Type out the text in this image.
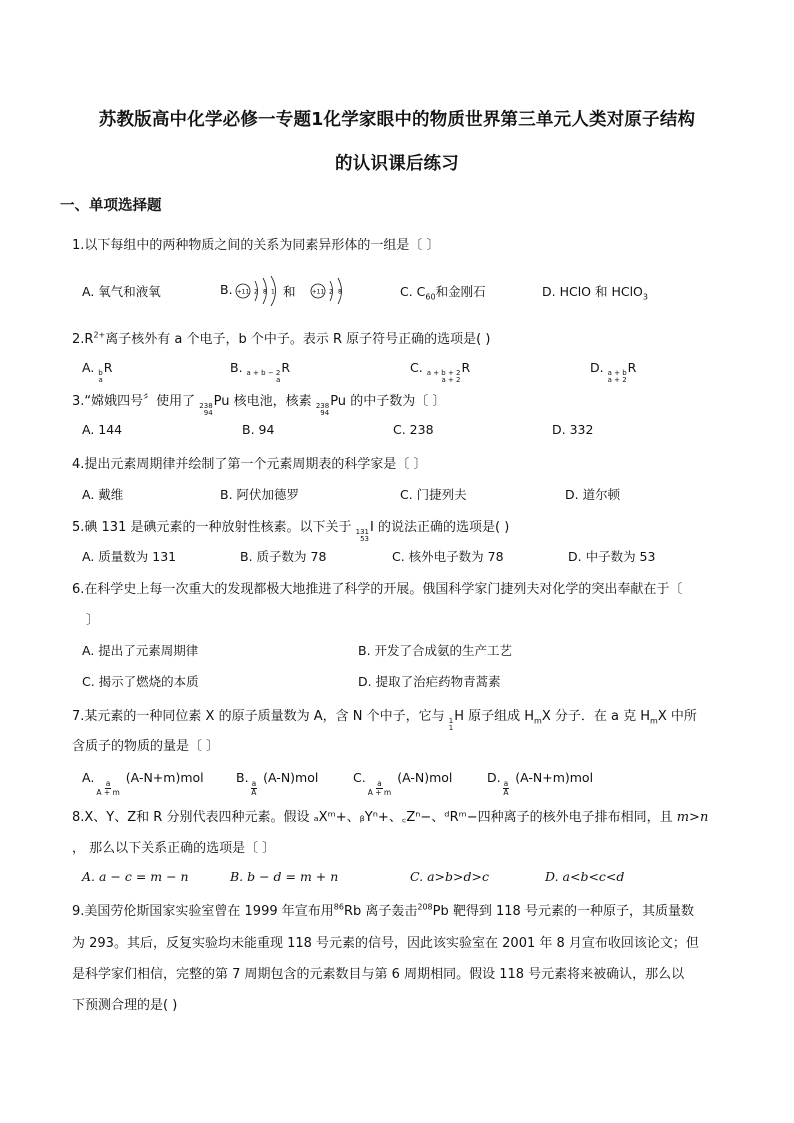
苏教版高中化学必修一专题1化学家眼中的物质世界第三单元人类对原子结构
的认识课后练习
一、单项选择题
1.以下每组中的两种物质之间的关系为同素异形体的一组是〔 〕
A. 氧气和液氧	B. +11 2 8 1 和	+11 2 8	C. $C_{60}$和金刚石	D. HClO 和 HClO$_3$
$2.R^{2+}$离子核外有 a 个电子，b 个中子。表示 R 原子符号正确的选项是( )
A. b
a
R	B. a + b − 2
a
R	C. a + b + 2
a + 2
R	D. a + b
a + 2
R
3.“嫦娥四号〞使用了 238
94
Pu 核电池，核素 238
94
Pu 的中子数为〔 〕
A. 144	B. 94	C. 238	D. 332
4.提出元素周期律并绘制了第一个元素周期表的科学家是〔 〕
A. 戴维	B. 阿伏加德罗	C. 门捷列夫	D. 道尔顿
5.碘 131 是碘元素的一种放射性核素。以下关于 131
53
I 的说法正确的选项是( )
A. 质量数为 131	B. 质子数为 78	C. 核外电子数为 78	D. 中子数为 53
6.在科学史上每一次重大的发现都极大地推进了科学的开展。俄国科学家门捷列夫对化学的突出奉献在于〔
〕
A. 提出了元素周期律	B. 开发了合成氨的生产工艺
C. 揭示了燃烧的本质	D. 提取了治疟药物青蒿素
7.某元素的一种同位素 X 的原子质量数为 A，含 N 个中子，它与 1
1
H 原子组成 $H_mX$ 分子．在 a 克 $H_mX$ 中所
含质子的物质的量是〔 〕
A.
$\frac{a}{A + m}$
(A-N+m)mol	B.
$\frac{a}{A}$
(A-N)mol	C.
$\frac{a}{A + m}$
(A-N)mol	D.
$\frac{a}{A}$
(A-N+m)mol
8.X、Y、Z和 R 分别代表四种元素。假设 ₐXᵐ+、ᵦYⁿ+、꜀Zⁿ−、ᵈRᵐ−四种离子的核外电子排布相同，且 m>n
， 那么以下关系正确的选项是〔 〕
A. a − c = m − n	B. b − d = m + n	C. a>b>d>c	D. a<b<c<d
9.美国劳伦斯国家实验室曾在 1999 年宣布用$^{86}$Rb 离子轰击$^{208}$Pb 靶得到 118 号元素的一种原子，其质量数
为 293。其后，反复实验均未能重现 118 号元素的信号，因此该实验室在 2001 年 8 月宣布收回该论文；但
是科学家们相信，完整的第 7 周期包含的元素数目与第 6 周期相同。假设 118 号元素将来被确认，那么以
下预测合理的是( )
